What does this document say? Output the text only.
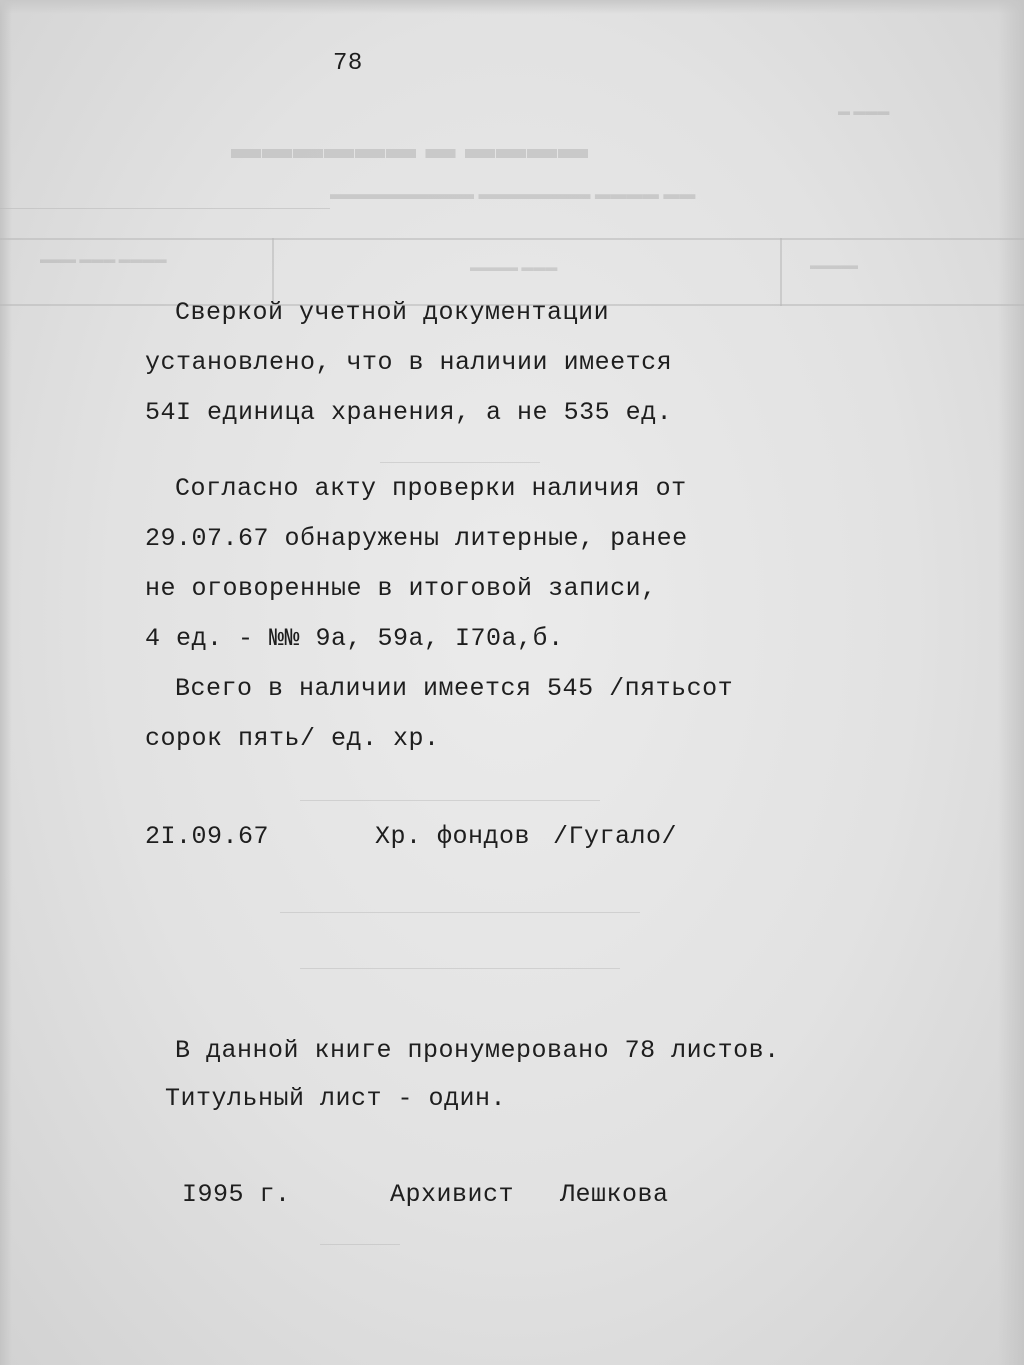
▬▬▬▬ ▬ ▬▬▬▬▬▬
▬▬ ▬▬▬▬ ▬▬▬▬▬▬▬ ▬▬▬▬▬▬▬▬▬
▬▬▬ ▬
▬▬▬▬ ▬▬▬ ▬▬▬
▬▬▬ ▬▬▬▬	▬▬▬▬
78
Сверкой учетной документации
установлено, что в наличии имеется
54I единица хранения, а не 535 ед.
Согласно акту проверки наличия от
29.07.67 обнаружены литерные, ранее
не оговоренные в итоговой записи,
4 ед. - №№ 9а, 59а, I70а,б.
Всего в наличии имеется 545 /пятьсот
сорок пять/ ед. хр.
2I.09.67	Хр. фондов /Гугало/
В данной книге пронумеровано 78 листов.
Титульный лист - один.
I995 г.	Архивист Лешкова
